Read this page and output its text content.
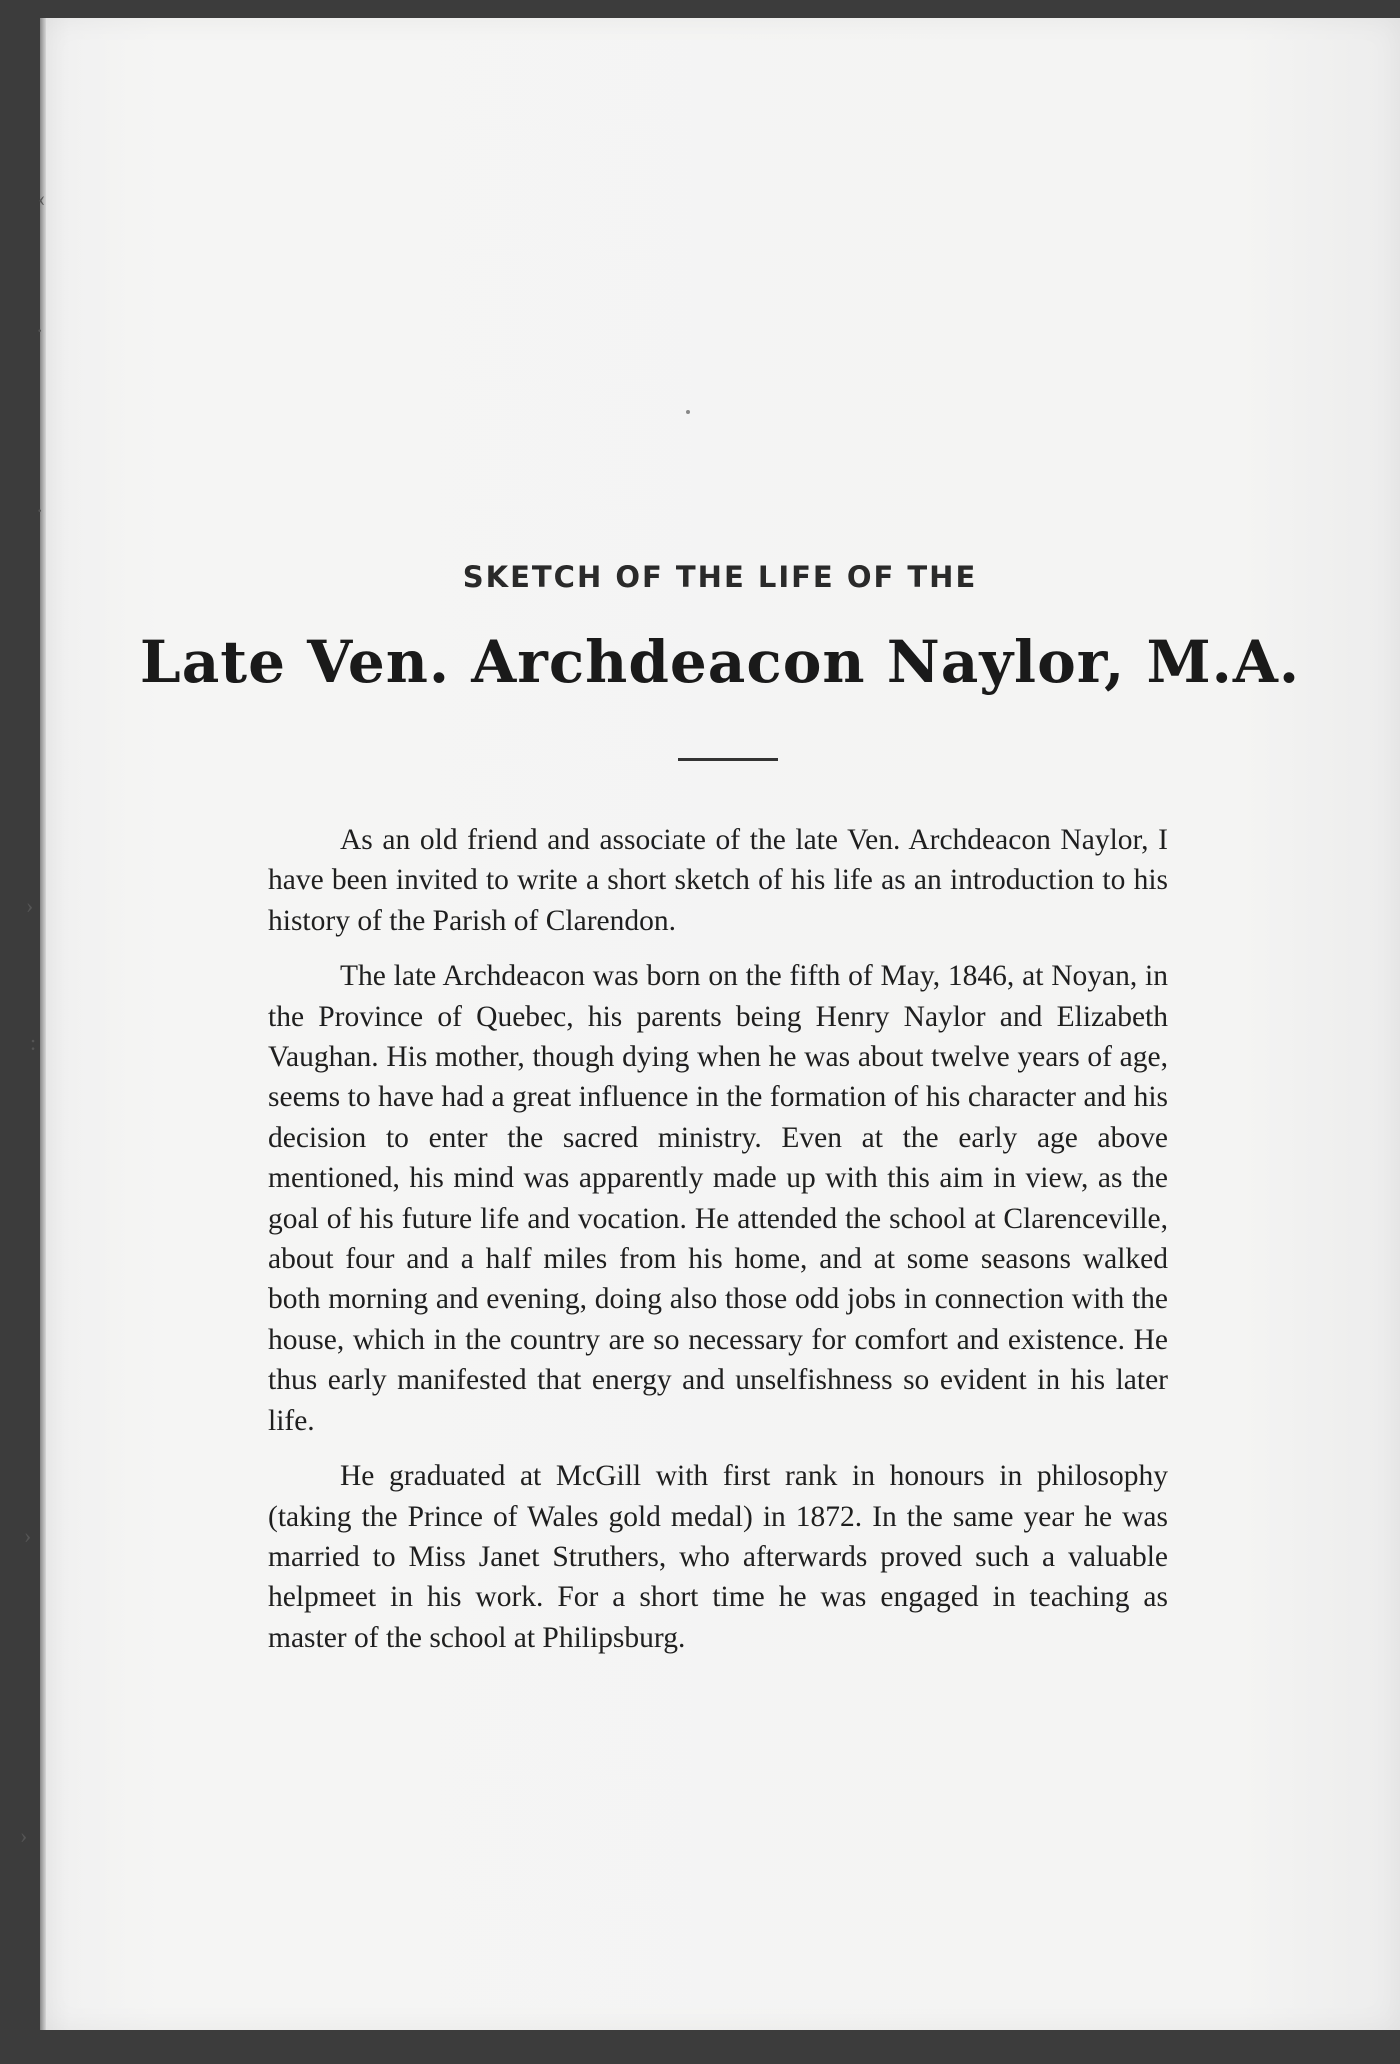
‹
·
·
›
:
›
›
SKETCH OF THE LIFE OF THE
Late Ven. Archdeacon Naylor, M.A.

As an old friend and associate of the late Ven. Archdeacon Naylor, I have been invited to write a short sketch of his life as an introduction to his history of the Parish of Clarendon.

The late Archdeacon was born on the fifth of May, 1846, at Noyan, in the Province of Quebec, his parents being Henry Naylor and Elizabeth Vaughan. His mother, though dying when he was about twelve years of age, seems to have had a great influence in the formation of his character and his decision to enter the sacred ministry. Even at the early age above mentioned, his mind was apparently made up with this aim in view, as the goal of his future life and vocation. He attended the school at Clarenceville, about four and a half miles from his home, and at some seasons walked both morning and evening, doing also those odd jobs in connection with the house, which in the country are so necessary for comfort and existence. He thus early manifested that energy and unselfishness so evident in his later life.

He graduated at McGill with first rank in honours in philosophy (taking the Prince of Wales gold medal) in 1872. In the same year he was married to Miss Janet Struthers, who afterwards proved such a valuable helpmeet in his work. For a short time he was engaged in teaching as master of the school at Philipsburg.
